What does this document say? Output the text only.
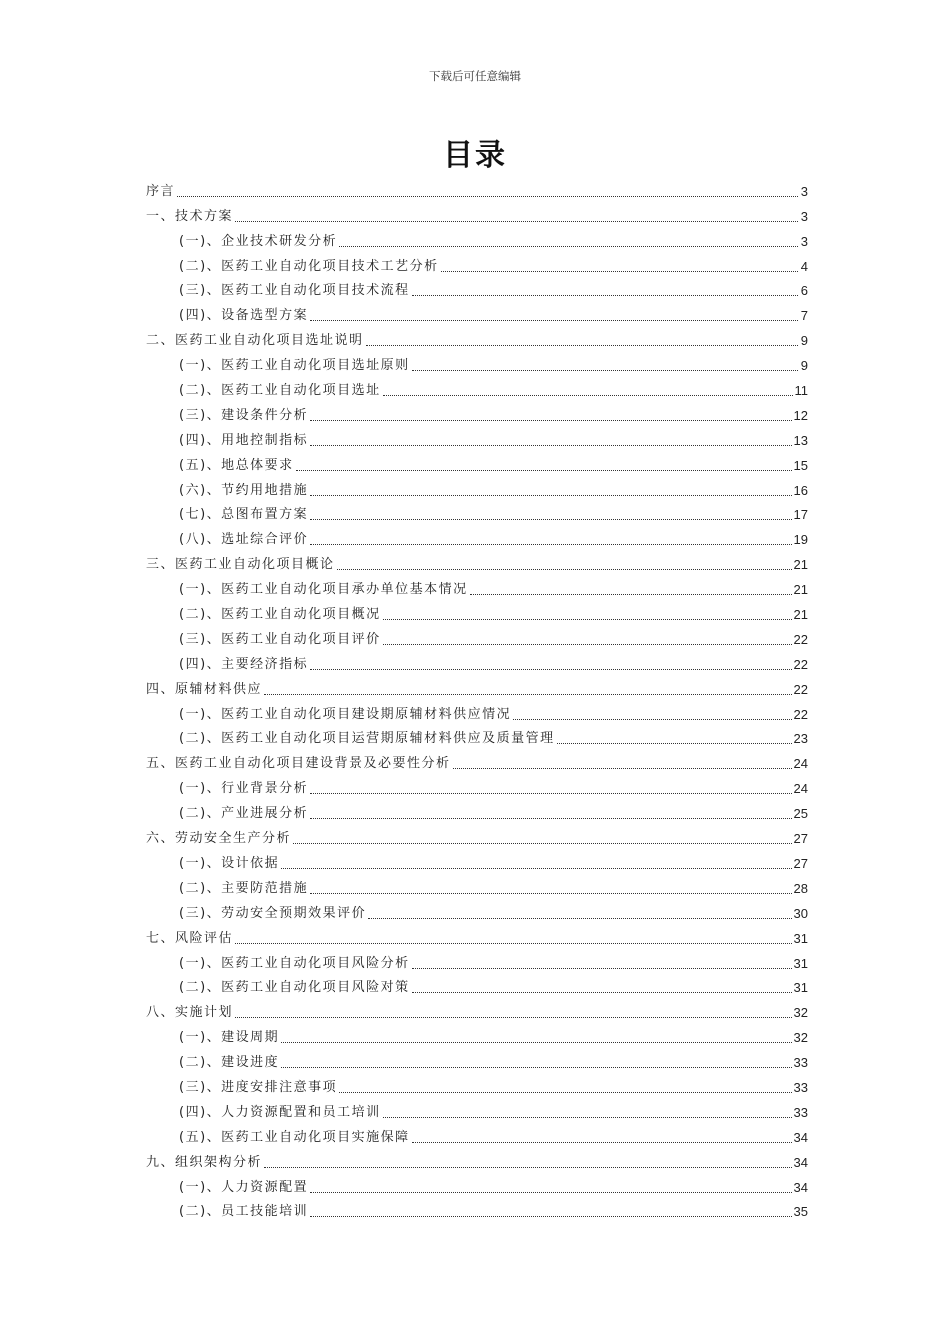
下载后可任意编辑
目录
序言	3
一、技术方案	3
(一)、企业技术研发分析	3
(二)、医药工业自动化项目技术工艺分析	4
(三)、医药工业自动化项目技术流程	6
(四)、设备选型方案	7
二、医药工业自动化项目选址说明	9
(一)、医药工业自动化项目选址原则	9
(二)、医药工业自动化项目选址	11
(三)、建设条件分析	12
(四)、用地控制指标	13
(五)、地总体要求	15
(六)、节约用地措施	16
(七)、总图布置方案	17
(八)、选址综合评价	19
三、医药工业自动化项目概论	21
(一)、医药工业自动化项目承办单位基本情况	21
(二)、医药工业自动化项目概况	21
(三)、医药工业自动化项目评价	22
(四)、主要经济指标	22
四、原辅材料供应	22
(一)、医药工业自动化项目建设期原辅材料供应情况	22
(二)、医药工业自动化项目运营期原辅材料供应及质量管理	23
五、医药工业自动化项目建设背景及必要性分析	24
(一)、行业背景分析	24
(二)、产业进展分析	25
六、劳动安全生产分析	27
(一)、设计依据	27
(二)、主要防范措施	28
(三)、劳动安全预期效果评价	30
七、风险评估	31
(一)、医药工业自动化项目风险分析	31
(二)、医药工业自动化项目风险对策	31
八、实施计划	32
(一)、建设周期	32
(二)、建设进度	33
(三)、进度安排注意事项	33
(四)、人力资源配置和员工培训	33
(五)、医药工业自动化项目实施保障	34
九、组织架构分析	34
(一)、人力资源配置	34
(二)、员工技能培训	35
